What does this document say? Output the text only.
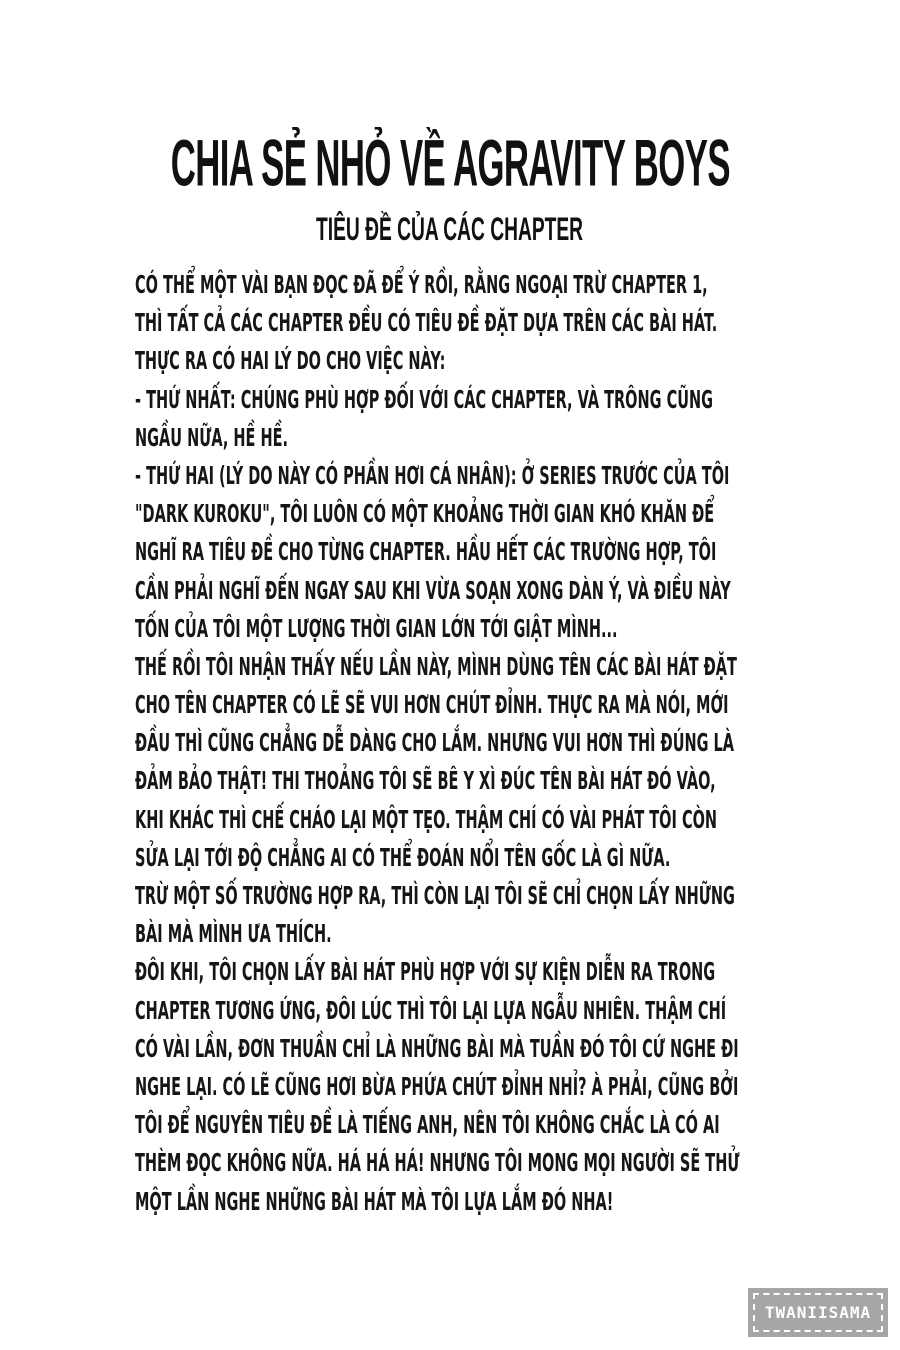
CHIA SẺ NHỎ VỀ AGRAVITY BOYS
TIÊU ĐỀ CỦA CÁC CHAPTER
CÓ THỂ MỘT VÀI BẠN ĐỌC ĐÃ ĐỂ Ý RỒI, RẰNG NGOẠI TRỪ CHAPTER 1,
THÌ TẤT CẢ CÁC CHAPTER ĐỀU CÓ TIÊU ĐỀ ĐẶT DỰA TRÊN CÁC BÀI HÁT.
THỰC RA CÓ HAI LÝ DO CHO VIỆC NÀY:
- THỨ NHẤT: CHÚNG PHÙ HỢP ĐỐI VỚI CÁC CHAPTER, VÀ TRÔNG CŨNG
NGẦU NỮA, HỀ HỀ.
- THỨ HAI (LÝ DO NÀY CÓ PHẦN HƠI CÁ NHÂN): Ở SERIES TRƯỚC CỦA TÔI
"DARK KUROKU", TÔI LUÔN CÓ MỘT KHOẢNG THỜI GIAN KHÓ KHĂN ĐỂ
NGHĨ RA TIÊU ĐỀ CHO TỪNG CHAPTER. HẦU HẾT CÁC TRƯỜNG HỢP, TÔI
CẦN PHẢI NGHĨ ĐẾN NGAY SAU KHI VỪA SOẠN XONG DÀN Ý, VÀ ĐIỀU NÀY
TỐN CỦA TÔI MỘT LƯỢNG THỜI GIAN LỚN TỚI GIẬT MÌNH...
THẾ RỒI TÔI NHẬN THẤY NẾU LẦN NÀY, MÌNH DÙNG TÊN CÁC BÀI HÁT ĐẶT
CHO TÊN CHAPTER CÓ LẼ SẼ VUI HƠN CHÚT ĐỈNH. THỰC RA MÀ NÓI, MỚI
ĐẦU THÌ CŨNG CHẲNG DỄ DÀNG CHO LẮM. NHƯNG VUI HƠN THÌ ĐÚNG LÀ
ĐẢM BẢO THẬT! THI THOẢNG TÔI SẼ BÊ Y XÌ ĐÚC TÊN BÀI HÁT ĐÓ VÀO,
KHI KHÁC THÌ CHẾ CHÁO LẠI MỘT TẸO. THẬM CHÍ CÓ VÀI PHÁT TÔI CÒN
SỬA LẠI TỚI ĐỘ CHẲNG AI CÓ THỂ ĐOÁN NỔI TÊN GỐC LÀ GÌ NỮA.
TRỪ MỘT SỐ TRƯỜNG HỢP RA, THÌ CÒN LẠI TÔI SẼ CHỈ CHỌN LẤY NHỮNG
BÀI MÀ MÌNH ƯA THÍCH.
ĐÔI KHI, TÔI CHỌN LẤY BÀI HÁT PHÙ HỢP VỚI SỰ KIỆN DIỄN RA TRONG
CHAPTER TƯƠNG ỨNG, ĐÔI LÚC THÌ TÔI LẠI LỰA NGẪU NHIÊN. THẬM CHÍ
CÓ VÀI LẦN, ĐƠN THUẦN CHỈ LÀ NHỮNG BÀI MÀ TUẦN ĐÓ TÔI CỨ NGHE ĐI
NGHE LẠI. CÓ LẼ CŨNG HƠI BỪA PHỨA CHÚT ĐỈNH NHỈ? À PHẢI, CŨNG BỞI
TÔI ĐỂ NGUYÊN TIÊU ĐỀ LÀ TIẾNG ANH, NÊN TÔI KHÔNG CHẮC LÀ CÓ AI
THÈM ĐỌC KHÔNG NỮA. HÁ HÁ HÁ! NHƯNG TÔI MONG MỌI NGƯỜI SẼ THỬ
MỘT LẦN NGHE NHỮNG BÀI HÁT MÀ TÔI LỰA LẮM ĐÓ NHA!
TWANIISAMA
